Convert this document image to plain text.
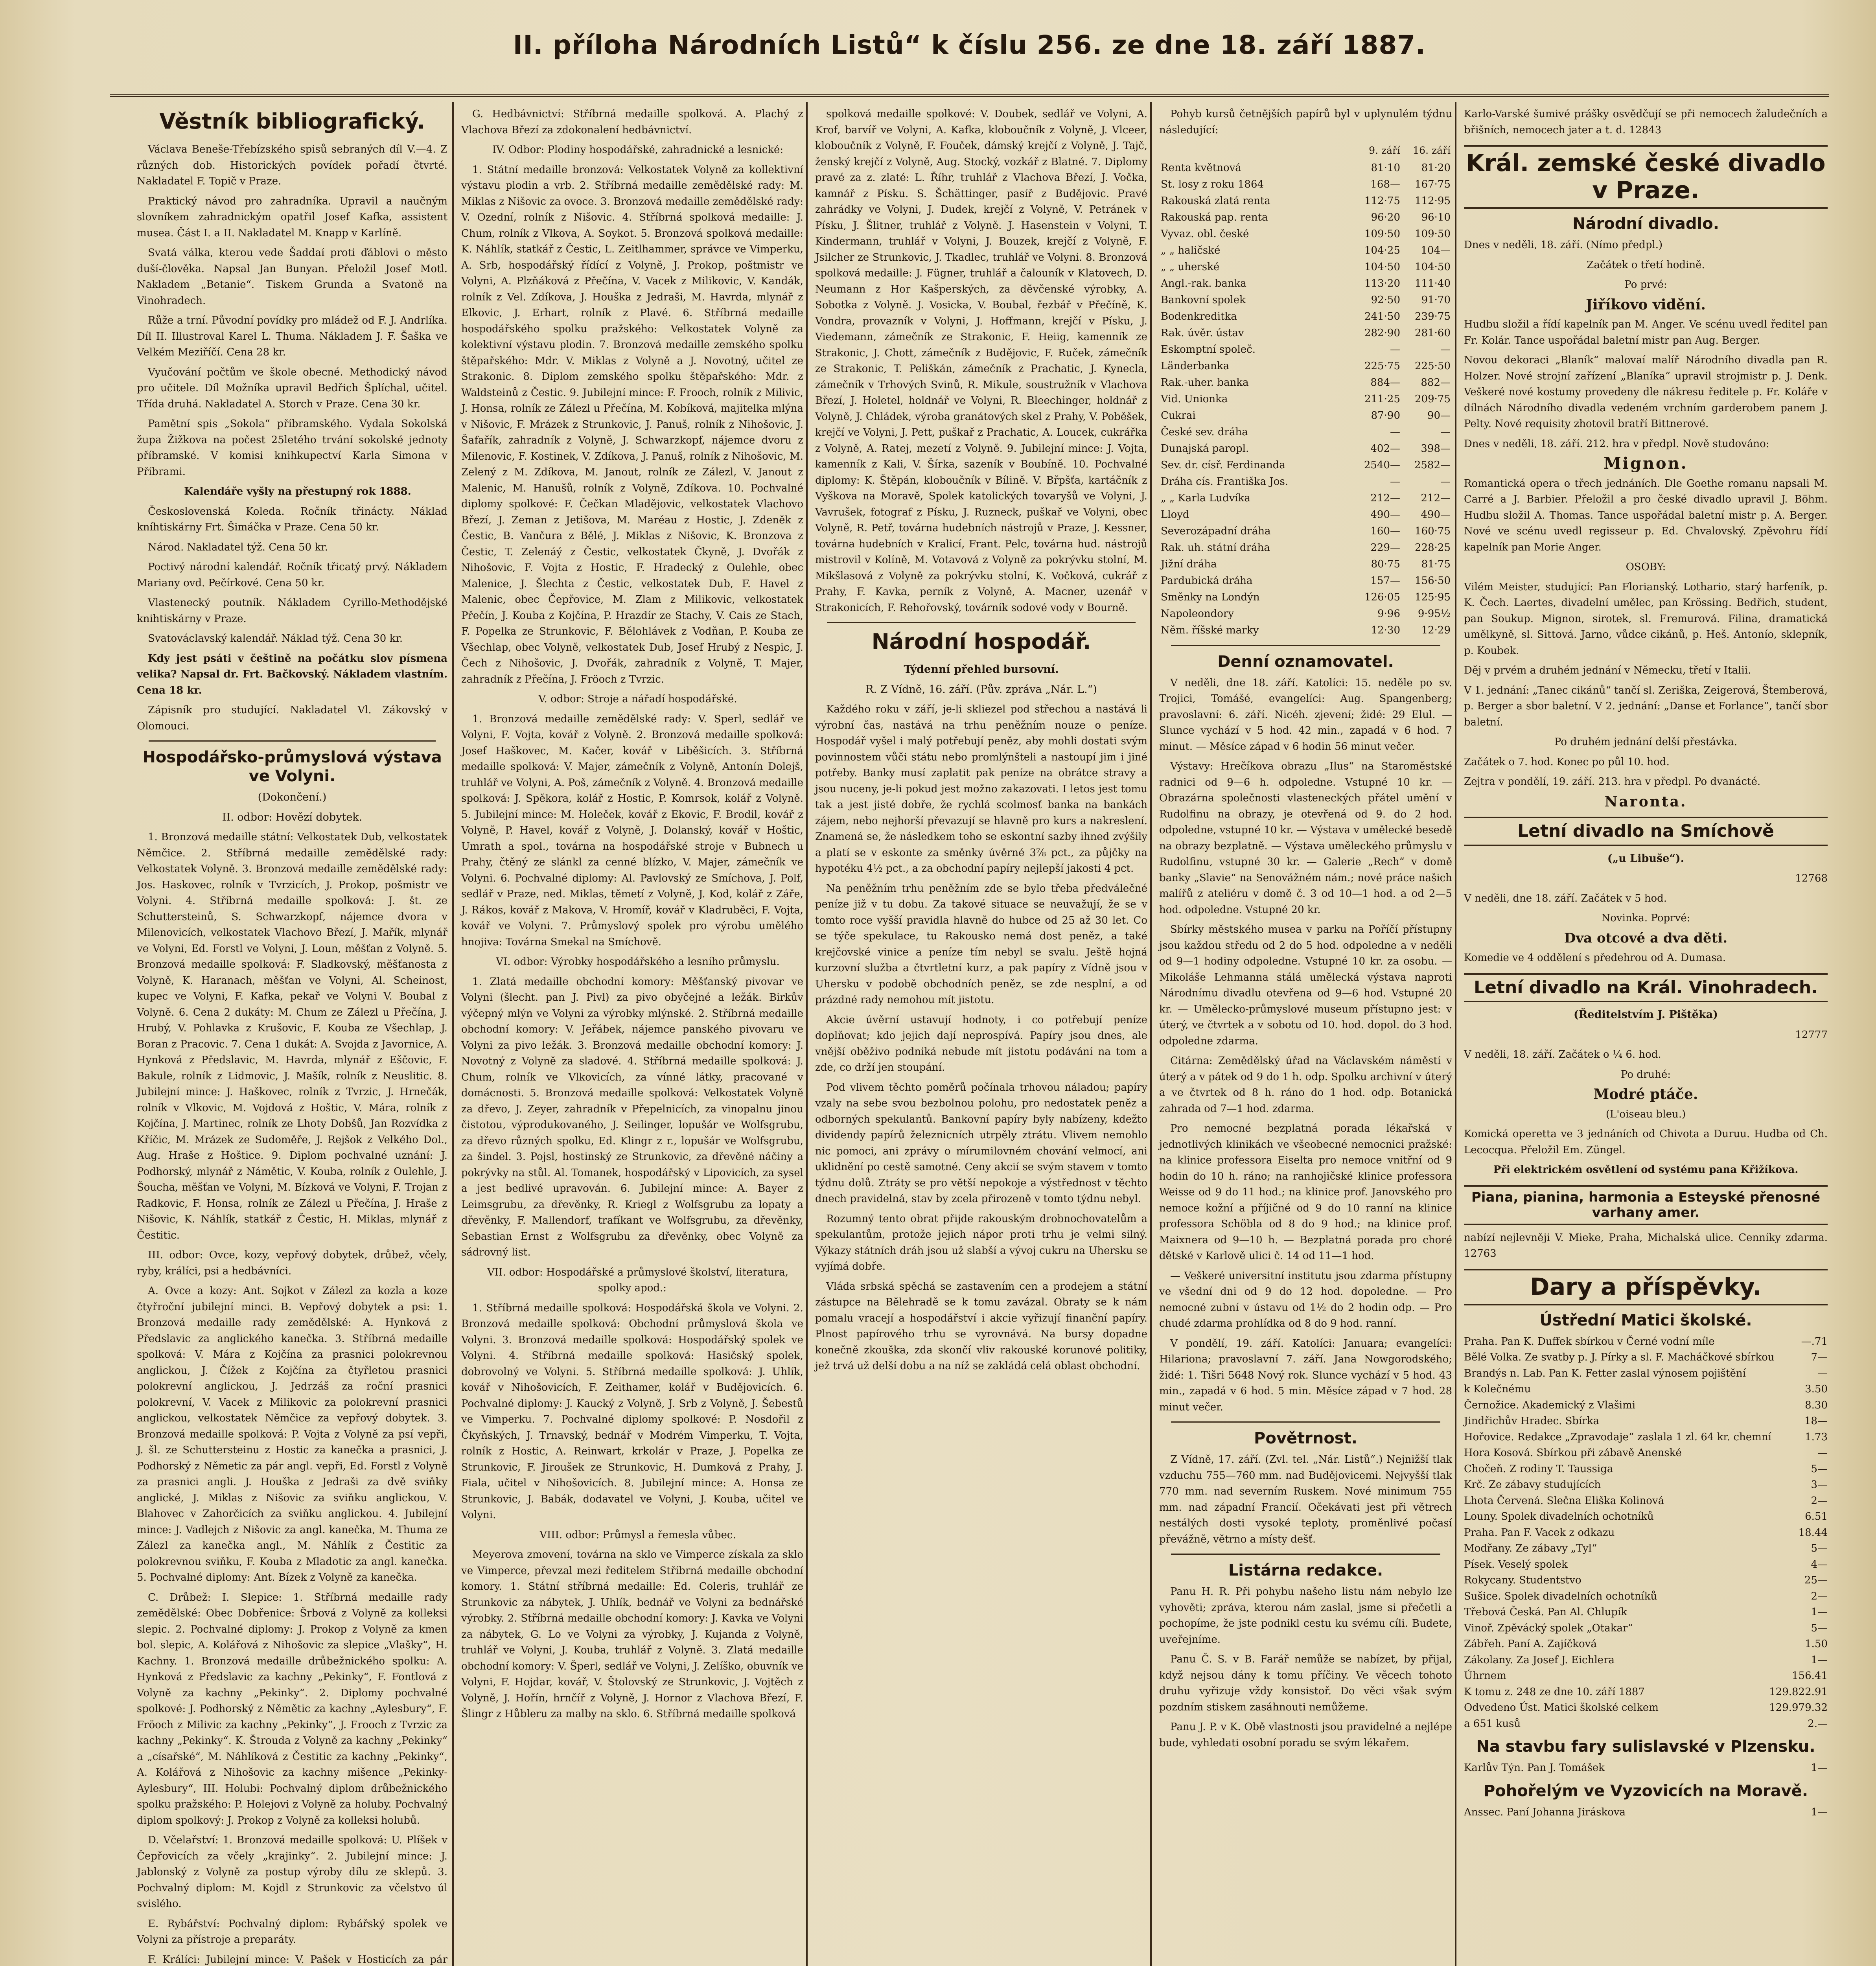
II. příloha Národních Listů“ k číslu 256. ze dne 18. září 1887.
Věstník bibliografický.

Václava Beneše-Třebízského spisů sebraných díl V.—4. Z různých dob. Historických povídek pořadí čtvrté. Nakladatel F. Topič v Praze.

Praktický návod pro zahradníka. Upravil a naučným slovníkem zahradnickým opatřil Josef Kafka, assistent musea. Část I. a II. Nakladatel M. Knapp v Karlíně.

Svatá válka, kterou vede Šaddaí proti ďáblovi o město duší-člověka. Napsal Jan Bunyan. Přeložil Josef Motl. Nakladem „Betanie“. Tiskem Grunda a Svatoně na Vinohradech.

Růže a trní. Původní povídky pro mládež od F. J. Andrlíka. Díl II. Illustroval Karel L. Thuma. Nákladem J. F. Šaška ve Velkém Meziříčí. Cena 28 kr.

Vyučování počtům ve škole obecné. Methodický návod pro učitele. Díl Možníka upravil Bedřich Šplíchal, učitel. Třída druhá. Nakladatel A. Storch v Praze. Cena 30 kr.

Pamětní spis „Sokola“ příbramského. Vydala Sokolská župa Žižkova na počest 25letého trvání sokolské jednoty příbramské. V komisi knihkupectví Karla Simona v Příbrami.

Kalendáře vyšly na přestupný rok 1888.

Československá Koleda. Ročník třinácty. Náklad kníhtiskárny Frt. Šimáčka v Praze. Cena 50 kr.

Národ. Nakladatel týž. Cena 50 kr.

Poctivý národní kalendář. Ročník třicatý prvý. Nákladem Mariany ovd. Pečírkové. Cena 50 kr.

Vlastenecký poutník. Nákladem Cyrillo-Methodějské knihtiskárny v Praze.

Svatováclavský kalendář. Náklad týž. Cena 30 kr.

Kdy jest psáti v češtině na počátku slov písmena velika? Napsal dr. Frt. Bačkovský. Nákladem vlastním. Cena 18 kr.

Zápisník pro studující. Nakladatel Vl. Zákovský v Olomouci.

Hospodářsko-průmyslová výstava ve Volyni.
(Dokončení.)
II. odbor: Hovězí dobytek.

1. Bronzová medaille státní: Velkostatek Dub, velkostatek Němčice. 2. Stříbrná medaille zemědělské rady: Velkostatek Volyně. 3. Bronzová medaille zemědělské rady: Jos. Haskovec, rolník v Tvrzicích, J. Prokop, pošmistr ve Volyni. 4. Stříbrná medaille spolková: J. št. ze Schuttersteinů, S. Schwarzkopf, nájemce dvora v Milenovicích, velkostatek Vlachovo Březí, J. Mařík, mlynář ve Volyni, Ed. Forstl ve Volyni, J. Loun, měšťan z Volyně. 5. Bronzová medaille spolková: F. Sladkovský, měšťanosta z Volyně, K. Haranach, měšťan ve Volyni, Al. Scheinost, kupec ve Volyni, F. Kafka, pekař ve Volyni V. Boubal z Volyně. 6. Cena 2 dukáty: M. Chum ze Zálezl u Přečína, J. Hrubý, V. Pohlavka z Krušovic, F. Kouba ze Všechlap, J. Boran z Pracovic. 7. Cena 1 dukát: A. Svojda z Javornice, A. Hynková z Předslavic, M. Havrda, mlynář z Eščovic, F. Bakule, rolník z Lidmovic, J. Mašík, rolník z Neuslitic. 8. Jubilejní mince: J. Haškovec, rolník z Tvrzic, J. Hrnečák, rolník v Vlkovic, M. Vojdová z Hoštic, V. Mára, rolník z Kojčína, J. Martinec, rolník ze Lhoty Dobšů, Jan Rozvídka z Kříčic, M. Mrázek ze Sudoměře, J. Rejšok z Velkého Dol., Aug. Hraše z Hoštice. 9. Diplom pochvalné uznání: J. Podhorský, mlynář z Námětic, V. Kouba, rolník z Oulehle, J. Šoucha, měšťan ve Volyni, M. Bízková ve Volyni, F. Trojan z Radkovic, F. Honsa, rolník ze Zálezl u Přečína, J. Hraše z Nišovic, K. Náhlík, statkář z Čestic, H. Miklas, mlynář z Čestitic.

III. odbor: Ovce, kozy, vepřový dobytek, drůbež, včely, ryby, králíci, psi a hedbávníci.

A. Ovce a kozy: Ant. Sojkot v Zálezl za kozla a koze čtyřroční jubilejní minci. B. Vepřový dobytek a psi: 1. Bronzová medaille rady zemědělské: A. Hynková z Předslavic za anglického kanečka. 3. Stříbrná medaille spolková: V. Mára z Kojčína za prasnici polokrevnou anglickou, J. Čížek z Kojčína za čtyřletou prasnici polokrevní anglickou, J. Jedrzáš za roční prasnici polokrevní, V. Vacek z Milikovic za polokrevní prasnici anglickou, velkostatek Němčice za vepřový dobytek. 3. Bronzová medaille spolková: P. Vojta z Volyně za psí vepři, J. šl. ze Schuttersteinu z Hostic za kanečka a prasnici, J. Podhorský z Němetic za pár angl. vepři, Ed. Forstl z Volyně za prasnici angli. J. Houška z Jedraši za dvě sviňky anglické, J. Miklas z Nišovic za sviňku anglickou, V. Blahovec v Zahorčicích za sviňku anglickou. 4. Jubilejní mince: J. Vadlejch z Nišovic za angl. kanečka, M. Thuma ze Zálezl za kanečka angl., M. Náhlík z Čestitic za polokrevnou sviňku, F. Kouba z Mladotic za angl. kanečka. 5. Pochvalné diplomy: Ant. Bízek z Volyně za kanečka.

C. Drůbež: I. Slepice: 1. Stříbrná medaille rady zemědělské: Obec Dobřenice: Šrbová z Volyně za kolleksi slepic. 2. Pochvalné diplomy: J. Prokop z Volyně za kmen bol. slepic, A. Kolářová z Nihošovic za slepice „Vlašky“, H. Kachny. 1. Bronzová medaille drůbežnického spolku: A. Hynková z Předslavic za kachny „Pekinky“, F. Fontlová z Volyně za kachny „Pekinky“. 2. Diplomy pochvalné spolkové: J. Podhorský z Němětic za kachny „Aylesbury“, F. Fröoch z Milivic za kachny „Pekinky“, J. Frooch z Tvrzic za kachny „Pekinky“. K. Štrouda z Volyně za kachny „Pekinky“ a „císařské“, M. Náhlíková z Čestitic za kachny „Pekinky“, A. Kolářová z Nihošovic za kachny mišence „Pekinky-Aylesbury“, III. Holubi: Pochvalný diplom drůbežnického spolku pražského: P. Holejovi z Volyně za holuby. Pochvalný diplom spolkový: J. Prokop z Volyně za kolleksi holubů.

D. Včelařství: 1. Bronzová medaille spolková: U. Plíšek v Čepřovicích za včely „krajinky“. 2. Jubilejní mince: J. Jablonský z Volyně za postup výroby dílu ze sklepů. 3. Pochvalný diplom: M. Kojdl z Strunkovic za včelstvo úl svislého.

E. Rybářství: Pochvalný diplom: Rybářský spolek ve Volyni za přístroje a preparáty.

F. Králíci: Jubilejní mince: V. Pašek v Hosticích za pár

G. Hedbávnictví: Stříbrná medaille spolková. A. Plachý z Vlachova Březí za zdokonalení hedbávnictví.

IV. Odbor: Plodiny hospodářské, zahradnické a lesnické:

1. Státní medaille bronzová: Velkostatek Volyně za kollektivní výstavu plodin a vrb. 2. Stříbrná medaille zemědělské rady: M. Miklas z Nišovic za ovoce. 3. Bronzová medaille zemědělské rady: V. Ozední, rolník z Nišovic. 4. Stříbrná spolková medaille: J. Chum, rolník z Vlkova, A. Soykot. 5. Bronzová spolková medaille: K. Náhlík, statkář z Čestic, L. Zeitlhammer, správce ve Vimperku, A. Srb, hospodářský řídící z Volyně, J. Prokop, poštmistr ve Volyni, A. Plzňáková z Přečína, V. Vacek z Milikovic, V. Kandák, rolník z Vel. Zdíkova, J. Houška z Jedraši, M. Havrda, mlynář z Elkovic, J. Erhart, rolník z Plavé. 6. Stříbrná medaille hospodářského spolku pražského: Velkostatek Volyně za kolektivní výstavu plodin. 7. Bronzová medaille zemského spolku štěpařského: Mdr. V. Miklas z Volyně a J. Novotný, učitel ze Strakonic. 8. Diplom zemského spolku štěpařského: Mdr. z Waldsteinů z Čestic. 9. Jubilejní mince: F. Frooch, rolník z Milivic, J. Honsa, rolník ze Zálezl u Přečína, M. Kobíková, majitelka mlýna v Nišovic, F. Mrázek z Strunkovic, J. Panuš, rolník z Nihošovic, J. Šafařík, zahradník z Volyně, J. Schwarzkopf, nájemce dvoru z Milenovic, F. Kostinek, V. Zdíkova, J. Panuš, rolník z Nihošovic, M. Zelený z M. Zdíkova, M. Janout, rolník ze Zálezl, V. Janout z Malenic, M. Hanušů, rolník z Volyně, Zdíkova. 10. Pochvalné diplomy spolkové: F. Čečkan Mladějovic, velkostatek Vlachovo Březí, J. Zeman z Jetišova, M. Maréau z Hostic, J. Zdeněk z Čestic, B. Vančura z Bělé, J. Miklas z Nišovic, K. Bronzova z Čestic, T. Zelenáý z Čestic, velkostatek Čkyně, J. Dvořák z Nihošovic, F. Vojta z Hostic, F. Hradecký z Oulehle, obec Malenice, J. Šlechta z Čestic, velkostatek Dub, F. Havel z Malenic, obec Čepřovice, M. Zlam z Milikovic, velkostatek Přečín, J. Kouba z Kojčína, P. Hrazdír ze Stachy, V. Cais ze Stach, F. Popelka ze Strunkovic, F. Bělohlávek z Vodňan, P. Kouba ze Všechlap, obec Volyně, velkostatek Dub, Josef Hrubý z Nespic, J. Čech z Nihošovic, J. Dvořák, zahradník z Volyně, T. Majer, zahradník z Přečína, J. Fröoch z Tvrzic.

V. odbor: Stroje a nářadí hospodářské.

1. Bronzová medaille zemědělské rady: V. Sperl, sedlář ve Volyni, F. Vojta, kovář z Volyně. 2. Bronzová medaille spolková: Josef Haškovec, M. Kačer, kovář v Liběšicích. 3. Stříbrná medaille spolková: V. Majer, zámečník z Volyně, Antonín Dolejš, truhlář ve Volyni, A. Poš, zámečník z Volyně. 4. Bronzová medaille spolková: J. Spěkora, kolář z Hostic, P. Komrsok, kolář z Volyně. 5. Jubilejní mince: M. Holeček, kovář z Ekovic, F. Brodil, kovář z Volyně, P. Havel, kovář z Volyně, J. Dolanský, kovář v Hoštic, Umrath a spol., továrna na hospodářské stroje v Bubnech u Prahy, čtěný ze slánkl za cenné blízko, V. Majer, zámečník ve Volyni. 6. Pochvalné diplomy: Al. Pavlovský ze Smíchova, J. Polf, sedlář v Praze, ned. Miklas, těmetí z Volyně, J. Kod, kolář z Záře, J. Rákos, kovář z Makova, V. Hromíř, kovář v Kladruběci, F. Vojta, kovář ve Volyni. 7. Průmyslový spolek pro výrobu umělého hnojiva: Továrna Smekal na Smíchově.

VI. odbor: Výrobky hospodářského a lesního průmyslu.

1. Zlatá medaille obchodní komory: Měšťanský pivovar ve Volyni (šlecht. pan J. Pivl) za pivo obyčejné a ležák. Birkův výčepný mlýn ve Volyni za výrobky mlýnské. 2. Stříbrná medaille obchodní komory: V. Jeřábek, nájemce panského pivovaru ve Volyni za pivo ležák. 3. Bronzová medaille obchodní komory: J. Novotný z Volyně za sladové. 4. Stříbrná medaille spolková: J. Chum, rolník ve Vlkovicích, za vínné látky, pracované v domácnosti. 5. Bronzová medaille spolková: Velkostatek Volyně za dřevo, J. Zeyer, zahradník v Přepelnicích, za vinopalnu jinou čistotou, výprodukovaného, J. Seilinger, lopušár ve Wolfsgrubu, za dřevo různých spolku, Ed. Klingr z r., lopušár ve Wolfsgrubu, za šindel. 3. Pojsl, hostinský ze Strunkovic, za dřevěné náčiny a pokrývky na stůl. Al. Tomanek, hospodářský v Lipovicích, za sysel a jest bedlivé upravován. 6. Jubilejní mince: A. Bayer z Leimsgrubu, za dřevěnky, R. Kriegl z Wolfsgrubu za lopaty a dřevěnky, F. Mallendorf, trafíkant ve Wolfsgrubu, za dřevěnky, Sebastian Ernst z Wolfsgrubu za dřevěnky, obec Volyně za sádrovný list.

VII. odbor: Hospodářské a průmyslové školství, literatura, spolky apod.:

1. Stříbrná medaille spolková: Hospodářská škola ve Volyni. 2. Bronzová medaille spolková: Obchodní průmyslová škola ve Volyni. 3. Bronzová medaille spolková: Hospodářský spolek ve Volyni. 4. Stříbrná medaille spolková: Hasičský spolek, dobrovolný ve Volyni. 5. Stříbrná medaille spolková: J. Uhlík, kovář v Nihošovicích, F. Zeithamer, kolář v Budějovicích. 6. Pochvalné diplomy: J. Kaucký z Volyně, J. Srb z Volyně, J. Šebestů ve Vimperku. 7. Pochvalné diplomy spolkové: P. Nosdořil z Čkyňských, J. Trnavský, bednář v Modrém Vimperku, T. Vojta, rolník z Hostic, A. Reinwart, krkolár v Praze, J. Popelka ze Strunkovic, F. Jiroušek ze Strunkovic, H. Dumková z Prahy, J. Fiala, učitel v Nihošovicích. 8. Jubilejní mince: A. Honsa ze Strunkovic, J. Babák, dodavatel ve Volyni, J. Kouba, učitel ve Volyni.

VIII. odbor: Průmysl a řemesla vůbec.

Meyerova zmovení, továrna na sklo ve Vimperce získala za sklo ve Vimperce, převzal mezi ředitelem Stříbrná medaille obchodní komory. 1. Státní stříbrná medaille: Ed. Coleris, truhlář ze Strunkovic za nábytek, J. Uhlík, bednář ve Volyni za bednářské výrobky. 2. Stříbrná medaille obchodní komory: J. Kavka ve Volyni za nábytek, G. Lo ve Volyni za výrobky, J. Kujanda z Volyně, truhlář ve Volyni, J. Kouba, truhlář z Volyně. 3. Zlatá medaille obchodní komory: V. Šperl, sedlář ve Volyni, J. Zelíško, obuvník ve Volyni, F. Hojdar, kovář, V. Štolovský ze Strunkovic, J. Vojtěch z Volyně, J. Hořín, hrnčíř z Volyně, J. Hornor z Vlachova Březí, F. Šlingr z Hůbleru za malby na sklo. 6. Stříbrná medaille spolková

spolková medaille spolkové: V. Doubek, sedlář ve Volyni, A. Krof, barvíř ve Volyni, A. Kafka, kloboučník z Volyně, J. Vlceer, kloboučník z Volyně, F. Fouček, dámský krejčí z Volyně, J. Tajč, ženský krejčí z Volyně, Aug. Stocký, vozkář z Blatné. 7. Diplomy pravé za z. zlaté: L. Říhr, truhlář z Vlachova Březí, J. Vočka, kamnář z Písku. S. Šchättinger, pasíř z Budějovic. Pravé zahrádky ve Volyni, J. Dudek, krejčí z Volyně, V. Petránek v Písku, J. Šlitner, truhlář z Volyně. J. Hasenstein v Volyni, T. Kindermann, truhlář v Volyni, J. Bouzek, krejčí z Volyně, F. Jsilcher ze Strunkovic, J. Tkadlec, truhlář ve Volyni. 8. Bronzová spolková medaille: J. Fügner, truhlář a čalouník v Klatovech, D. Neumann z Hor Kašperských, za děvčenské výrobky, A. Sobotka z Volyně. J. Vosicka, V. Boubal, řezbář v Přečíně, K. Vondra, provazník v Volyni, J. Hoffmann, krejčí v Písku, J. Viedemann, zámečník ze Strakonic, F. Heiig, kamenník ze Strakonic, J. Chott, zámečník z Budějovic, F. Ruček, zámečník ze Strakonic, T. Peliškán, zámečník z Prachatic, J. Kynecla, zámečník v Trhových Svinů, R. Mikule, soustružník v Vlachova Březí, J. Holetel, holdnář ve Volyni, R. Bleechinger, holdnář z Volyně, J. Chládek, výroba granátových skel z Prahy, V. Poběšek, krejčí ve Volyni, J. Pett, puškař z Prachatic, A. Loucek, cukrářka z Volyně, A. Ratej, mezetí z Volyně. 9. Jubilejní mince: J. Vojta, kamenník z Kali, V. Šírka, sazeník v Boubíně. 10. Pochvalné diplomy: K. Štěpán, kloboučník v Bílině. V. Břpšťa, kartáčník z Vyškova na Moravě, Spolek katolických tovaryšů ve Volyni, J. Vavrušek, fotograf z Písku, J. Ruzneck, puškař ve Volyni, obec Volyně, R. Petř, továrna hudebních nástrojů v Praze, J. Kessner, továrna hudebních v Kralicí, Frant. Pelc, továrna hud. nástrojů mistrovil v Kolíně, M. Votavová z Volyně za pokrývku stolní, M. Mikšlasová z Volyně za pokrývku stolní, K. Vočková, cukrář z Prahy, F. Kavka, perník z Volyně, A. Macner, uzenář v Strakonicích, F. Rehořovský, továrník sodové vody v Bourně.

Národní hospodář.
Týdenní přehled bursovní.
R. Z Vídně, 16. září. (Pův. zpráva „Nár. L.“)

Každého roku v září, je-li skliezel pod střechou a nastává li výrobní čas, nastává na trhu peněžním nouze o peníze. Hospodář vyšel i malý potřebují peněz, aby mohli dostati svým povinnostem vůči státu nebo promlýnšteli a nastoupí jim i jiné potřeby. Banky musí zaplatit pak peníze na obrátce stravy a jsou nuceny, je-li pokud jest možno zakazovati. I letos jest tomu tak a jest jisté dobře, že rychlá scolmosť banka na bankách zájem, nebo nejhorší převazují se hlavně pro kurs a nakreslení. Znamená se, že následkem toho se eskontní sazby ihned zvýšily a platí se v eskonte za směnky úvěrné 3⅞ pct., za půjčky na hypotéku 4½ pct., a za obchodní papíry nejlepší jakosti 4 pct.

Na peněžním trhu peněžním zde se bylo třeba předválečné peníze již v tu dobu. Za takové situace se neuvažují, že se v tomto roce vyšší pravidla hlavně do hubce od 25 až 30 let. Co se týče spekulace, tu Rakousko nemá dost peněz, a také krejčovské vinice a peníze tím nebyl se svalu. Ještě hojná kurzovní služba a čtvrtletní kurz, a pak papíry z Vídně jsou v Uhersku v podobě obchodních peněz, se zde nesplní, a od prázdné rady nemohou mít jistotu.

Akcie úvěrní ustavují hodnoty, i co potřebují peníze doplňovat; kdo jejich dají neprospívá. Papíry jsou dnes, ale vnější oběživo podniká nebude mít jistotu podávání na tom a zde, co drží jen stoupání.

Pod vlivem těchto poměrů počínala trhovou náladou; papíry vzaly na sebe svou bezbolnou polohu, pro nedostatek peněz a odborných spekulantů. Bankovní papíry byly nabízeny, kdežto dividendy papírů železnicních utrpěly ztrátu. Vlivem nemohlo nic pomoci, ani zprávy o mírumilovném chování velmocí, ani uklidnění po cestě samotné. Ceny akcií se svým stavem v tomto týdnu dolů. Ztráty se pro větší nepokoje a výstřednost v těchto dnech pravidelná, stav by zcela přirozeně v tomto týdnu nebyl.

Rozumný tento obrat přijde rakouským drobnochovatelům a spekulantům, protože jejich nápor proti trhu je velmi silný. Výkazy státních dráh jsou už slabší a vývoj cukru na Uhersku se vyjímá dobře.

Vláda srbská spěchá se zastavením cen a prodejem a státní zástupce na Bělehradě se k tomu zavázal. Obraty se k nám pomalu vracejí a hospodářství i akcie vyřizují finanční papíry. Plnost papírového trhu se vyrovnává. Na bursy dopadne konečně zkouška, zda skončí vliv rakouské korunové politiky, jež trvá už delší dobu a na níž se zakládá celá oblast obchodní.

Pohyb kursů četnějších papírů byl v uplynulém týdnu následující:

	9. září	16. září
Renta květnová	81·10	81·20
St. losy z roku 1864	168—	167·75
Rakouská zlatá renta	112·75	112·95
Rakouská pap. renta	96·20	96·10
Vyvaz. obl. české	109·50	109·50
„ „ haličské	104·25	104—
„ „ uherské	104·50	104·50
Angl.-rak. banka	113·20	111·40
Bankovní spolek	92·50	91·70
Bodenkreditka	241·50	239·75
Rak. úvěr. ústav	282·90	281·60
Eskomptní společ.	—	—
Länderbanka	225·75	225·50
Rak.-uher. banka	884—	882—
Vid. Unionka	211·25	209·75
Cukrai	87·90	90—
České sev. dráha	—	—
Dunajská paropl.	402—	398—
Sev. dr. císř. Ferdinanda	2540—	2582—
Dráha cís. Františka Jos.	—	—
„ „ Karla Ludvíka	212—	212—
Lloyd	490—	490—
Severozápadní dráha	160—	160·75
Rak. uh. státní dráha	229—	228·25
Jižní dráha	80·75	81·75
Pardubická dráha	157—	156·50
Směnky na Londýn	126·05	125·95
Napoleondory	9·96	9·95½
Něm. říšské marky	12·30	12·29
Denní oznamovatel.

V neděli, dne 18. září. Katolíci: 15. neděle po sv. Trojici, Tomášé, evangelíci: Aug. Spangenberg; pravoslavní: 6. září. Nicéh. zjevení; židé: 29 Elul. — Slunce vychází v 5 hod. 42 min., zapadá v 6 hod. 7 minut. — Měsíce západ v 6 hodin 56 minut večer.

Výstavy: Hrečíkova obrazu „Ilus“ na Staroměstské radnici od 9—6 h. odpoledne. Vstupné 10 kr. — Obrazárna společnosti vlasteneckých přátel umění v Rudolfinu na obrazy, je otevřená od 9. do 2 hod. odpoledne, vstupné 10 kr. — Výstava v umělecké besedě na obrazy bezplatně. — Výstava uměleckého průmyslu v Rudolfinu, vstupné 30 kr. — Galerie „Rech“ v domě banky „Slavie“ na Senovážném nám.; nové práce našich malířů z ateliéru v domě č. 3 od 10—1 hod. a od 2—5 hod. odpoledne. Vstupné 20 kr.

Sbírky městského musea v parku na Poříčí přístupny jsou každou středu od 2 do 5 hod. odpoledne a v neděli od 9—1 hodiny odpoledne. Vstupné 10 kr. za osobu. — Mikoláše Lehmanna stálá umělecká výstava naproti Národnímu divadlu otevřena od 9—6 hod. Vstupné 20 kr. — Umělecko-průmyslové museum přístupno jest: v úterý, ve čtvrtek a v sobotu od 10. hod. dopol. do 3 hod. odpoledne zdarma.

Citárna: Zemědělský úřad na Václavském náměstí v úterý a v pátek od 9 do 1 h. odp. Spolku archivní v úterý a ve čtvrtek od 8 h. ráno do 1 hod. odp. Botanická zahrada od 7—1 hod. zdarma.

Pro nemocné bezplatná porada lékařská v jednotlivých klinikách ve všeobecné nemocnici pražské: na klinice professora Eiselta pro nemoce vnitřní od 9 hodin do 10 h. ráno; na ranhojičské klinice professora Weisse od 9 do 11 hod.; na klinice prof. Janovského pro nemoce kožní a příjičné od 9 do 10 ranní na klinice professora Schöbla od 8 do 9 hod.; na klinice prof. Maixnera od 9—10 h. — Bezplatná porada pro choré dětské v Karlově ulici č. 14 od 11—1 hod.

— Veškeré universitní institutu jsou zdarma přístupny ve všední dni od 9 do 12 hod. dopoledne. — Pro nemocné zubní v ústavu od 1½ do 2 hodin odp. — Pro chudé zdarma prohlídka od 8 do 9 hod. ranní.

V pondělí, 19. září. Katolíci: Januara; evangelíci: Hilariona; pravoslavní 7. září. Jana Nowgorodského; židé: 1. Tišri 5648 Nový rok. Slunce vychází v 5 hod. 43 min., zapadá v 6 hod. 5 min. Měsíce západ v 7 hod. 28 minut večer.

Povětrnost.

Z Vídně, 17. září. (Zvl. tel. „Nár. Listů“.) Nejnižší tlak vzduchu 755—760 mm. nad Budějovicemi. Nejvyšší tlak 770 mm. nad severním Ruskem. Nové minimum 755 mm. nad západní Francií. Očekávati jest při větrech nestálých dosti vysoké teploty, proměnlivé počasí převážně, větrno a místy dešť.

Listárna redakce.

Panu H. R. Při pohybu našeho listu nám nebylo lze vyhověti; zpráva, kterou nám zaslal, jsme si přečetli a pochopíme, že jste podnikl cestu ku svému cíli. Budete, uveřejníme.

Panu Č. S. v B. Farář nemůže se nabízet, by přijal, když nejsou dány k tomu příčiny. Ve věcech tohoto druhu vyřizuje vždy konsistoř. Do věci však svým pozdním stiskem zasáhnouti nemůžeme.

Panu J. P. v K. Obě vlastnosti jsou pravidelné a nejlépe bude, vyhledati osobní poradu se svým lékařem.

Karlo-Varské šumivé prášky osvědčují se při nemocech žaludečních a břišních, nemocech jater a t. d. 12843

Král. zemské české divadlo v Praze.
Národní divadlo.

Dnes v neděli, 18. září. (Nímo předpl.)

Začátek o třetí hodině.

Po prvé:

Jiříkovo vidění.

Hudbu složil a řídí kapelník pan M. Anger. Ve scénu uvedl ředitel pan Fr. Kolár. Tance uspořádal baletní mistr pan Aug. Berger.

Novou dekoraci „Blaník“ malovaí malíř Národního divadla pan R. Holzer. Nové strojní zařízení „Blaníka“ upravil strojmistr p. J. Denk. Veškeré nové kostumy provedeny dle nákresu ředitele p. Fr. Koláře v dílnách Národního divadla vedeném vrchním garderobem panem J. Pelty. Nové requisity zhotovil bratří Bittnerové.

Dnes v neděli, 18. září. 212. hra v předpl. Nově studováno:

Mignon.

Romantická opera o třech jednáních. Dle Goethe romanu napsali M. Carré a J. Barbier. Přeložil a pro české divadlo upravil J. Böhm. Hudbu složil A. Thomas. Tance uspořádal baletní mistr p. A. Berger. Nové ve scénu uvedl regisseur p. Ed. Chvalovský. Zpěvohru řídí kapelník pan Morie Anger.

OSOBY:

Vilém Meister, studující: Pan Florianský. Lothario, starý harfeník, p. K. Čech. Laertes, divadelní umělec, pan Krössing. Bedřich, student, pan Soukup. Mignon, sirotek, sl. Fremurová. Filina, dramatická umělkyně, sl. Sittová. Jarno, vůdce cikánů, p. Heš. Antonío, sklepník, p. Koubek.

Děj v prvém a druhém jednání v Německu, třetí v Italii.

V 1. jednání: „Tanec cikánů“ tančí sl. Zeriška, Zeigerová, Štemberová, p. Berger a sbor baletní. V 2. jednání: „Danse et Forlance“, tančí sbor baletní.

Po druhém jednání delší přestávka.

Začátek o 7. hod. Konec po půl 10. hod.

Zejtra v pondělí, 19. září. 213. hra v předpl. Po dvanácté.

Naronta.

Letní divadlo na Smíchově
(„u Libuše“).

12768

V neděli, dne 18. září. Začátek v 5 hod.

Novinka. Poprvé:

Dva otcové a dva děti.

Komedie ve 4 oddělení s předehrou od A. Dumasa.

Letní divadlo na Král. Vinohradech.
(Ředitelstvím J. Pištěka)

12777

V neděli, 18. září. Začátek o ¼ 6. hod.

Po druhé:

Modré ptáče.

(L'oiseau bleu.)

Komická operetta ve 3 jednáních od Chivota a Duruu. Hudba od Ch. Lecocqua. Přeložil Em. Züngel.

Při elektrickém osvětlení od systému pana Křižíkova.

Piana, pianina, harmonia a Esteyské přenosné varhany amer.

nabízí nejlevněji V. Mieke, Praha, Michalská ulice. Cenníky zdarma. 12763

Dary a příspěvky.
Ústřední Matici školské.
Praha. Pan K. Duffek sbírkou v Černé vodní míle	—.71
Bělé Volka. Ze svatby p. J. Pírky a sl. F. Macháčkové sbírkou	7—
Brandýs n. Lab. Pan K. Fetter zaslal výnosem pojištění	—
k Kolečnému	3.50
Černožice. Akademický z Vlašimi	8.30
Jindřichův Hradec. Sbírka	18—
Hořovice. Redakce „Zpravodaje“ zaslala 1 zl. 64 kr. chemní	1.73
Hora Kosová. Sbírkou při zábavě Anenské	—
Chočeň. Z rodiny T. Taussiga	5—
Krč. Ze zábavy studujících	3—
Lhota Červená. Slečna Eliška Kolinová	2—
Louny. Spolek divadelních ochotníků	6.51
Praha. Pan F. Vacek z odkazu	18.44
Modřany. Ze zábavy „Tyl“	5—
Písek. Veselý spolek	4—
Rokycany. Studentstvo	25—
Sušice. Spolek divadelních ochotníků	2—
Třebová Česká. Pan Al. Chlupík	1—
Vinoř. Zpěvácký spolek „Otakar“	5—
Zábřeh. Paní A. Zajíčková	1.50
Zákolany. Za Josef J. Eichlera	1—
Úhrnem	156.41
K tomu z. 248 ze dne 10. září 1887	129.822.91
Odvedeno Úst. Matici školské celkem	129.979.32
a 651 kusů	2.—
Na stavbu fary sulislavské v Plzensku.
Karlův Týn. Pan J. Tomášek	1—
Pohořelým ve Vyzovicích na Moravě.
Anssec. Paní Johanna Jiráskova	1—
